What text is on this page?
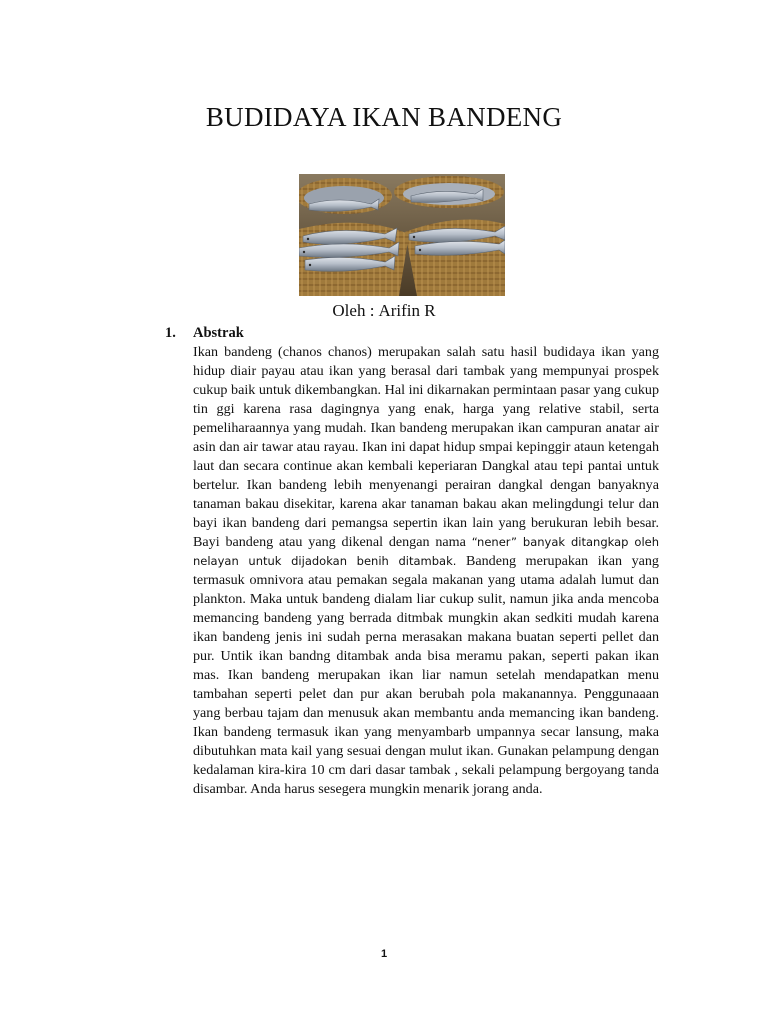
BUDIDAYA IKAN BANDENG
Oleh : Arifin R
1. Abstrak
Ikan bandeng (chanos chanos) merupakan salah satu hasil budidaya ikan yang hidup diair payau atau ikan yang berasal dari tambak yang mempunyai prospek cukup baik untuk dikembangkan. Hal ini dikarnakan permintaan pasar yang cukup tin ggi karena rasa dagingnya yang enak, harga yang relative stabil, serta pemeliharaannya yang mudah. Ikan bandeng merupakan ikan campuran anatar air asin dan air tawar atau rayau. Ikan ini dapat hidup smpai kepinggir ataun ketengah laut dan secara continue akan kembali keperiaran Dangkal atau tepi pantai untuk bertelur. Ikan bandeng lebih menyenangi perairan dangkal dengan banyaknya tanaman bakau disekitar, karena akar tanaman bakau akan melingdungi telur dan bayi ikan bandeng dari pemangsa sepertin ikan lain yang berukuran lebih besar. Bayi bandeng atau yang dikenal dengan nama “nener” banyak ditangkap oleh nelayan untuk dijadokan benih ditambak. Bandeng merupakan ikan yang termasuk omnivora atau pemakan segala makanan yang utama adalah lumut dan plankton. Maka untuk bandeng dialam liar cukup sulit, namun jika anda mencoba memancing bandeng yang berrada ditmbak mungkin akan sedkiti mudah karena ikan bandeng jenis ini sudah perna merasakan makana buatan seperti pellet dan pur. Untik ikan bandng ditambak anda bisa meramu pakan, seperti pakan ikan mas. Ikan bandeng merupakan ikan liar namun setelah mendapatkan menu tambahan seperti pelet dan pur akan berubah pola makanannya. Penggunaaan yang berbau tajam dan menusuk akan membantu anda memancing ikan bandeng. Ikan bandeng termasuk ikan yang menyambarb umpannya secar lansung, maka dibutuhkan mata kail yang sesuai dengan mulut ikan. Gunakan pelampung dengan kedalaman kira-kira 10 cm dari dasar tambak , sekali pelampung bergoyang tanda disambar. Anda harus sesegera mungkin menarik jorang anda.
1
